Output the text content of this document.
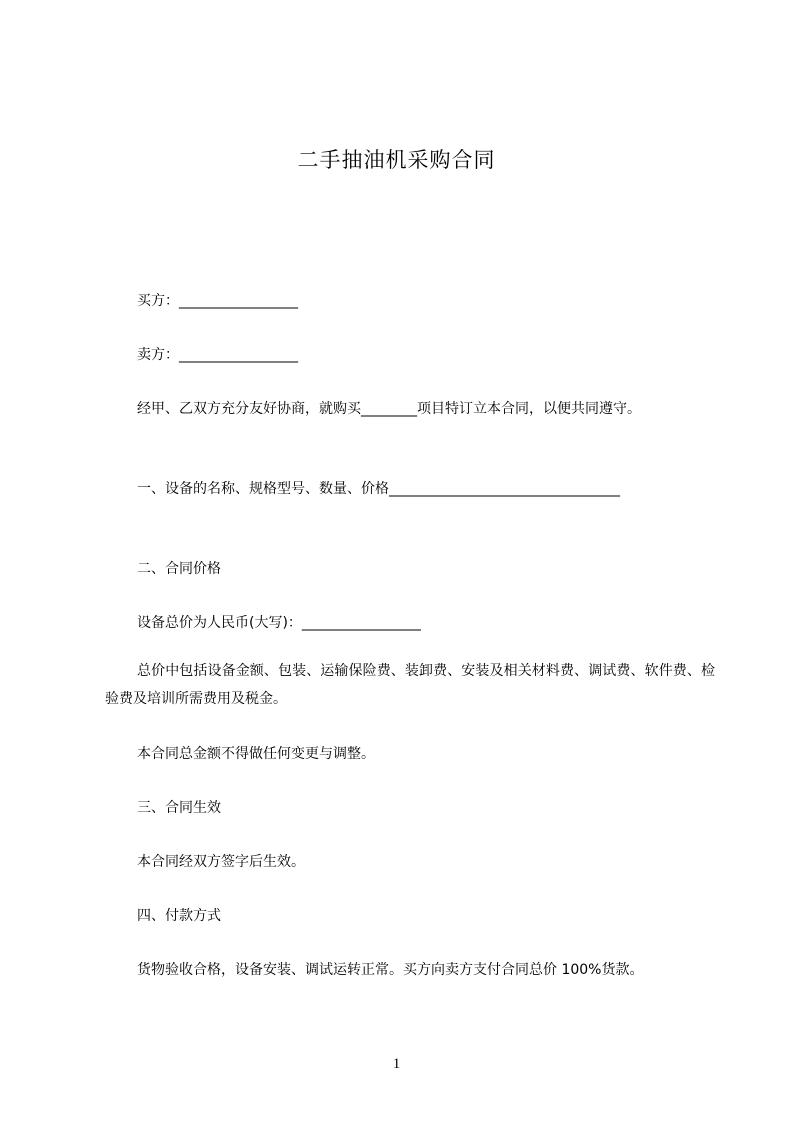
二手抽油机采购合同
买方：_________________
卖方：_________________
经甲、乙双方充分友好协商，就购买________项目特订立本合同，以便共同遵守。
一、设备的名称、规格型号、数量、价格_________________________________
二、合同价格
设备总价为人民币(大写)：_________________
总价中包括设备金额、包装、运输保险费、装卸费、安装及相关材料费、调试费、软件费、检验费及培训所需费用及税金。
本合同总金额不得做任何变更与调整。
三、合同生效
本合同经双方签字后生效。
四、付款方式
货物验收合格，设备安装、调试运转正常。买方向卖方支付合同总价 100%货款。
1
